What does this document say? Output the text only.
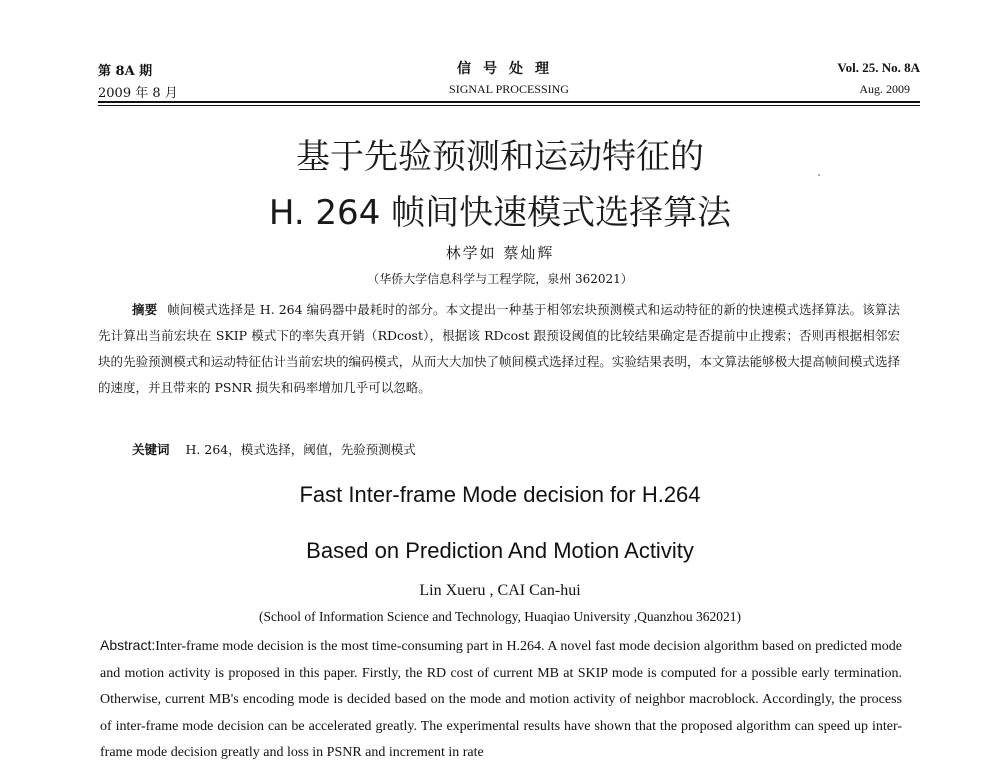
第 8A 期
2009 年 8 月
信号处理
SIGNAL PROCESSING
Vol. 25. No. 8A
Aug. 2009
基于先验预测和运动特征的
H. 264 帧间快速模式选择算法
林学如 蔡灿辉
（华侨大学信息科学与工程学院，泉州 362021）

摘要 帧间模式选择是 H. 264 编码器中最耗时的部分。本文提出一种基于相邻宏块预测模式和运动特征的新的快速模式选择算法。该算法先计算出当前宏块在 SKIP 模式下的率失真开销（RDcost），根据该 RDcost 跟预设阈值的比较结果确定是否提前中止搜索；否则再根据相邻宏块的先验预测模式和运动特征估计当前宏块的编码模式，从而大大加快了帧间模式选择过程。实验结果表明，本文算法能够极大提高帧间模式选择的速度，并且带来的 PSNR 损失和码率增加几乎可以忽略。

关键词 H. 264，模式选择，阈值，先验预测模式
Fast Inter-frame Mode decision for H.264
Based on Prediction And Motion Activity
Lin Xueru , CAI Can-hui
(School of Information Science and Technology, Huaqiao University ,Quanzhou 362021)

Abstract:Inter-frame mode decision is the most time-consuming part in H.264. A novel fast mode decision algorithm based on predicted mode and motion activity is proposed in this paper. Firstly, the RD cost of current MB at SKIP mode is computed for a possible early termination. Otherwise, current MB's encoding mode is decided based on the mode and motion activity of neighbor macroblock. Accordingly, the process of inter-frame mode decision can be accelerated greatly. The experimental results have shown that the proposed algorithm can speed up inter-frame mode decision greatly and loss in PSNR and increment in rate
